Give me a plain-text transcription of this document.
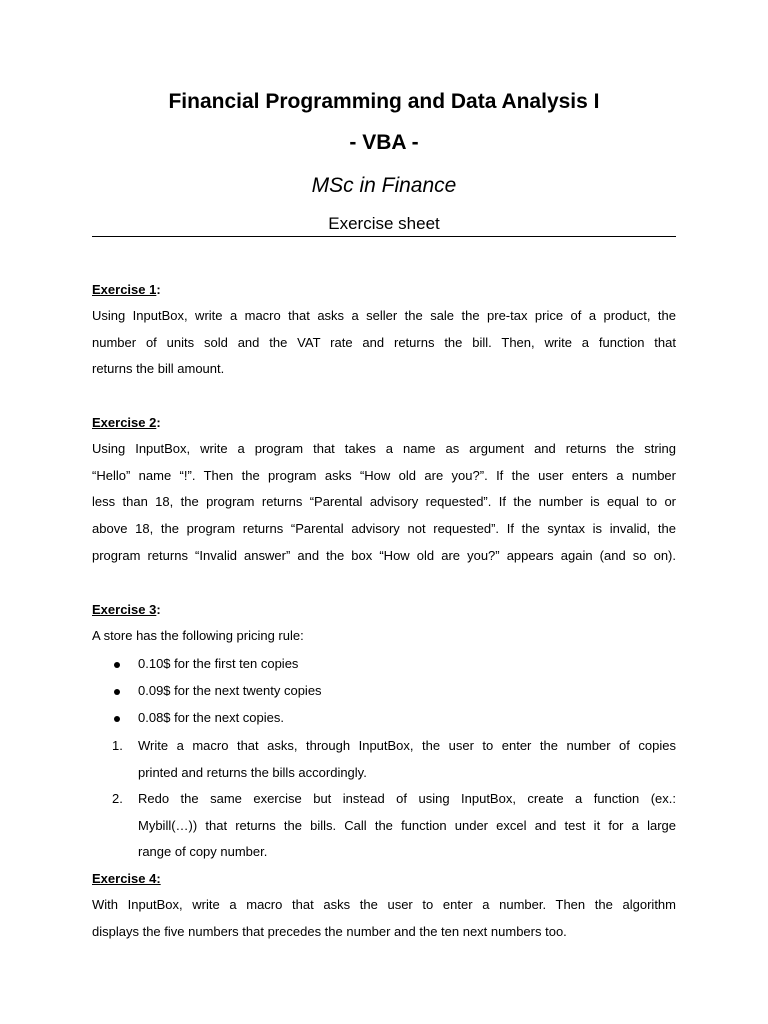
Financial Programming and Data Analysis I
- VBA -
MSc in Finance
Exercise sheet
Exercise 1:
Using InputBox, write a macro that asks a seller the sale the pre-tax price of a product, the
number of units sold and the VAT rate and returns the bill. Then, write a function that
returns the bill amount.
Exercise 2:
Using InputBox, write a program that takes a name as argument and returns the string
“Hello” name “!”. Then the program asks “How old are you?”. If the user enters a number
less than 18, the program returns “Parental advisory requested”. If the number is equal to or
above 18, the program returns “Parental advisory not requested”. If the syntax is invalid, the
program returns “Invalid answer” and the box “How old are you?” appears again (and so on).
Exercise 3:
A store has the following pricing rule:
0.10$ for the first ten copies
0.09$ for the next twenty copies
0.08$ for the next copies.
1. Write a macro that asks, through InputBox, the user to enter the number of copies
printed and returns the bills accordingly.
2. Redo the same exercise but instead of using InputBox, create a function (ex.:
Mybill(…)) that returns the bills. Call the function under excel and test it for a large
range of copy number.
Exercise 4:
With InputBox, write a macro that asks the user to enter a number. Then the algorithm
displays the five numbers that precedes the number and the ten next numbers too.
